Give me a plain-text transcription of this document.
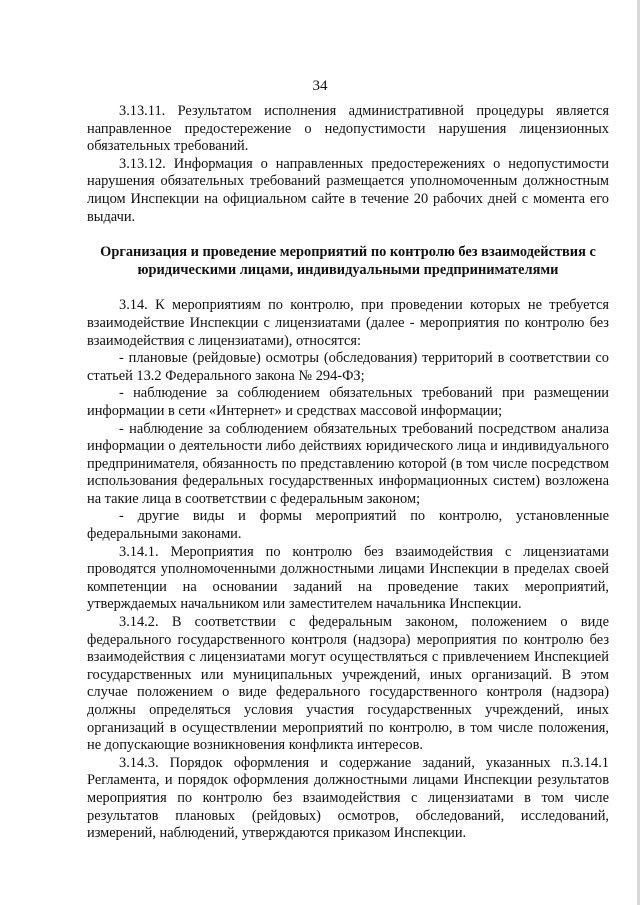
34

3.13.11. Результатом исполнения административной процедуры является направленное предостережение о недопустимости нарушения лицензионных обязательных требований.

3.13.12. Информация о направленных предостережениях о недопустимости нарушения обязательных требований размещается уполномоченным должностным лицом Инспекции на официальном сайте в течение 20 рабочих дней с момента его выдачи.

Организация и проведение мероприятий по контролю без взаимодействия с юридическими лицами, индивидуальными предпринимателями

3.14. К мероприятиям по контролю, при проведении которых не требуется взаимодействие Инспекции с лицензиатами (далее - мероприятия по контролю без взаимодействия с лицензиатами), относятся:

- плановые (рейдовые) осмотры (обследования) территорий в соответствии со статьей 13.2 Федерального закона № 294-ФЗ;

- наблюдение за соблюдением обязательных требований при размещении информации в сети «Интернет» и средствах массовой информации;

- наблюдение за соблюдением обязательных требований посредством анализа информации о деятельности либо действиях юридического лица и индивидуального предпринимателя, обязанность по представлению которой (в том числе посредством использования федеральных государственных информационных систем) возложена на такие лица в соответствии с федеральным законом;

- другие виды и формы мероприятий по контролю, установленные федеральными законами.

3.14.1. Мероприятия по контролю без взаимодействия с лицензиатами проводятся уполномоченными должностными лицами Инспекции в пределах своей компетенции на основании заданий на проведение таких мероприятий, утверждаемых начальником или заместителем начальника Инспекции.

3.14.2. В соответствии с федеральным законом, положением о виде федерального государственного контроля (надзора) мероприятия по контролю без взаимодействия с лицензиатами могут осуществляться с привлечением Инспекцией государственных или муниципальных учреждений, иных организаций. В этом случае положением о виде федерального государственного контроля (надзора) должны определяться условия участия государственных учреждений, иных организаций в осуществлении мероприятий по контролю, в том числе положения, не допускающие возникновения конфликта интересов.

3.14.3. Порядок оформления и содержание заданий, указанных п.3.14.1 Регламента, и порядок оформления должностными лицами Инспекции результатов мероприятия по контролю без взаимодействия с лицензиатами в том числе результатов плановых (рейдовых) осмотров, обследований, исследований, измерений, наблюдений, утверждаются приказом Инспекции.
